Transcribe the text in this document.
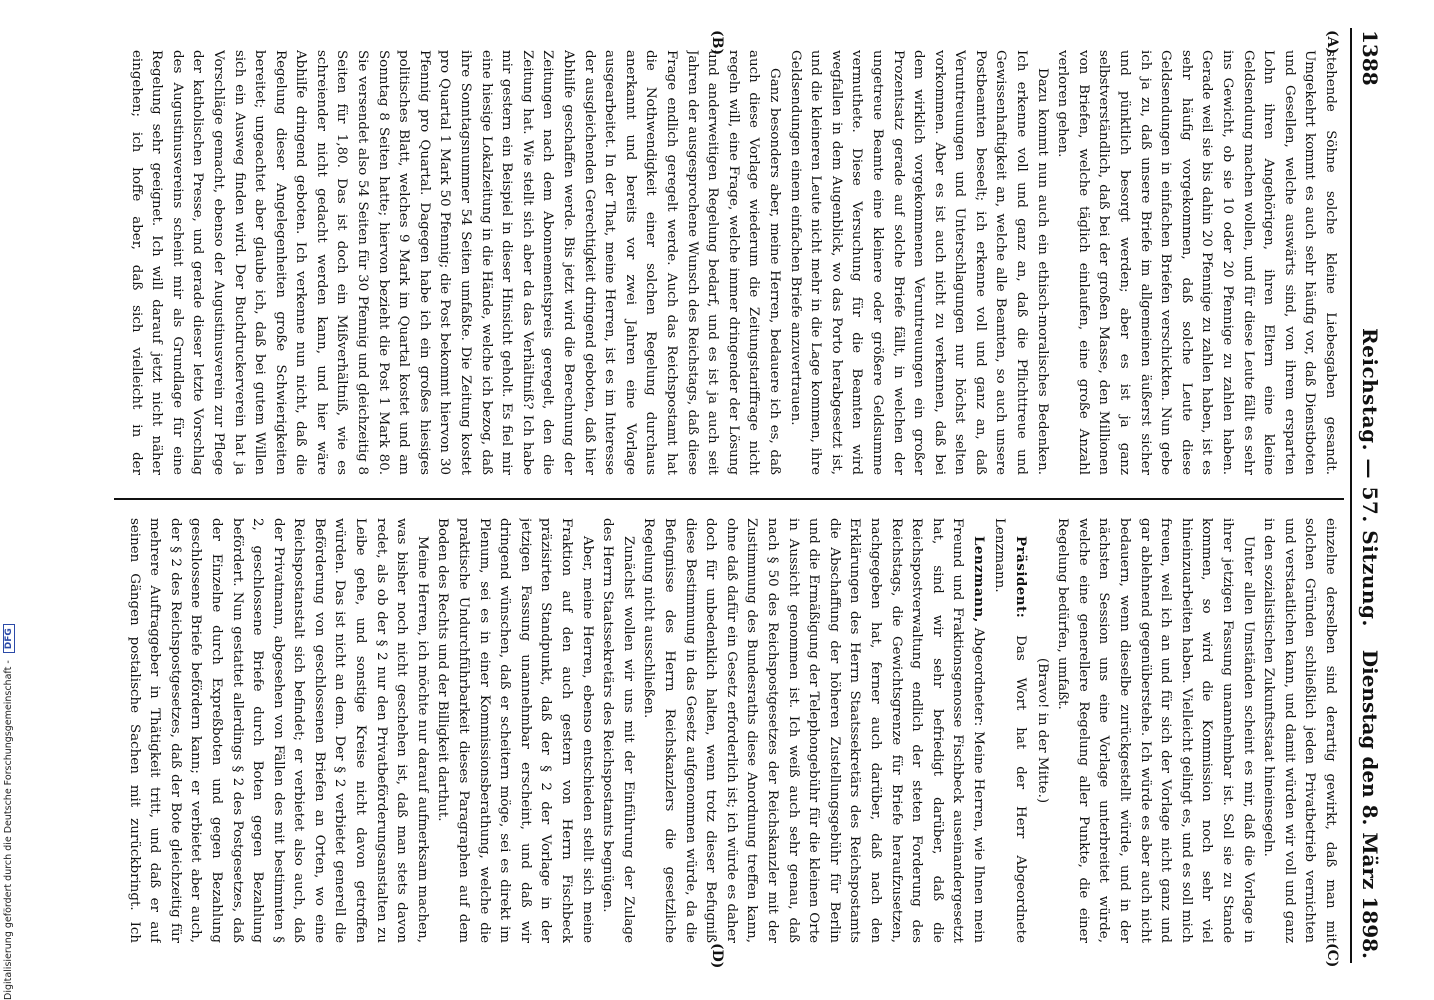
1388
Reichstag. — 57. Sitzung.
Dienstag den 8. März 1898.
(A)
(B)
(C)
(D)

stehende Söhne solche kleine Liebesgaben gesandt. Umgekehrt kommt es auch sehr häufig vor, daß Dienstboten und Gesellen, welche auswärts sind, von ihrem ersparten Lohn ihren Angehörigen, ihren Eltern eine kleine Geldsendung machen wollen, und für diese Leute fällt es sehr ins Gewicht, ob sie 10 oder 20 Pfennige zu zahlen haben. Gerade weil sie bis dahin 20 Pfennige zu zahlen haben, ist es sehr häufig vorgekommen, daß solche Leute diese Geldsendungen in einfachen Briefen verschickten. Nun gebe ich ja zu, daß unsere Briefe im allgemeinen äußerst sicher und pünktlich besorgt werden; aber es ist ja ganz selbstverständlich, daß bei der großen Masse, den Millionen von Briefen, welche täglich einlaufen, eine große Anzahl verloren gehen.

Dazu kommt nun auch ein ethisch-moralisches Bedenken. Ich erkenne voll und ganz an, daß die Pflichttreue und Gewissenhaftigkeit an, welche alle Beamten, so auch unsere Postbeamten beseelt; ich erkenne voll und ganz an, daß Veruntreuungen und Unterschlagungen nur höchst selten vorkommen. Aber es ist auch nicht zu verkennen, daß bei dem wirklich vorgekommenen Veruntreuungen ein großer Prozentsatz gerade auf solche Briefe fällt, in welchen der ungetreue Beamte eine kleinere oder größere Geldsumme vermuthete. Diese Versuchung für die Beamten wird wegfallen in dem Augenblick, wo das Porto herabgesetzt ist, und die kleineren Leute nicht mehr in die Lage kommen, ihre Geldsendungen einem einfachen Briefe anzuvertrauen.

Ganz besonders aber, meine Herren, bedauere ich es, daß auch diese Vorlage wiederum die Zeitungstariffrage nicht regeln will, eine Frage, welche immer dringender der Lösung und anderweitigen Regelung bedarf, und es ist ja auch seit Jahren der ausgesprochene Wunsch des Reichstags, daß diese Frage endlich geregelt werde. Auch das Reichspostamt hat die Nothwendigkeit einer solchen Regelung durchaus anerkannt und bereits vor zwei Jahren eine Vorlage ausgearbeitet. In der That, meine Herren, ist es im Interesse der ausgleichenden Gerechtigkeit dringend geboten, daß hier Abhilfe geschaffen werde. Bis jetzt wird die Berechnung der Zeitungen nach dem Abonnementspreis geregelt, den die Zeitung hat. Wie stellt sich aber da das Verhältniß? Ich habe mir gestern ein Beispiel in dieser Hinsicht geholt. Es fiel mir eine hiesige Lokalzeitung in die Hände, welche ich bezog, daß ihre Sonntagsnummer 54 Seiten umfaßte. Die Zeitung kostet pro Quartal 1 Mark 50 Pfennig; die Post bekommt hiervon 30 Pfennig pro Quartal. Dagegen habe ich ein großes hiesiges politisches Blatt, welches 9 Mark im Quartal kostet und am Sonntag 8 Seiten hatte; hiervon bezieht die Post 1 Mark 80. Sie versendet also 54 Seiten für 30 Pfennig und gleichzeitig 8 Seiten für 1,80. Das ist doch ein Mißverhältniß, wie es schreiender nicht gedacht werden kann, und hier wäre Abhilfe dringend geboten. Ich verkenne nun nicht, daß die Regelung dieser Angelegenheiten große Schwierigkeiten bereitet; ungeachtet aber glaube ich, daß bei gutem Willen sich ein Ausweg finden wird. Der Buchdruckerverein hat ja Vorschläge gemacht, ebenso der Augustinusverein zur Pflege der katholischen Presse, und gerade dieser letzte Vorschlag des Augustinusvereins scheint mir als Grundlage für eine Regelung sehr geeignet. Ich will darauf jetzt nicht näher eingehen; ich hoffe aber, daß sich vielleicht in der

einzelne derselben sind derartig gewirkt, daß man mit solchen Gründen schließlich jeden Privatbetrieb vernichten und verstaatlichen kann, und damit würden wir voll und ganz in den sozialistischen Zukunftsstaat hineinsegeln.

Unter allen Umständen scheint es mir, daß die Vorlage in ihrer jetzigen Fassung unannehmbar ist. Soll sie zu Stande kommen, so wird die Kommission noch sehr viel hineinzuarbeiten haben. Vielleicht gelingt es, und es soll mich freuen, weil ich an und für sich der Vorlage nicht ganz und gar ablehnend gegenüberstehe. Ich würde es aber auch nicht bedauern, wenn dieselbe zurückgestellt würde, und in der nächsten Session uns eine Vorlage unterbreitet würde, welche eine generellere Regelung aller Punkte, die einer Regelung bedürfen, umfaßt.

(Bravo! in der Mitte.)

Präsident: Das Wort hat der Herr Abgeordnete Lenzmann.

Lenzmann, Abgeordneter: Meine Herren, wie Ihnen mein Freund und Fraktionsgenosse Fischbeck auseinandergesetzt hat, sind wir sehr befriedigt darüber, daß die Reichspostverwaltung endlich der steten Forderung des Reichstags, die Gewichtsgrenze für Briefe heraufzusetzen, nachgegeben hat, ferner auch darüber, daß nach den Erklärungen des Herrn Staatssekretärs des Reichspostamts die Abschaffung der höheren Zustellungsgebühr für Berlin und die Ermäßigung der Telephongebühr für die kleinen Orte in Aussicht genommen ist. Ich weiß auch sehr genau, daß nach § 50 des Reichspostgesetzes der Reichskanzler mit der Zustimmung des Bundesraths diese Anordnung treffen kann, ohne daß dafür ein Gesetz erforderlich ist; ich würde es daher doch für unbedenklich halten, wenn trotz dieser Befugniß diese Bestimmung in das Gesetz aufgenommen würde, da die Befugnisse des Herrn Reichskanzlers die gesetzliche Regelung nicht ausschließen.

Zunächst wollen wir uns mit der Einführung der Zulage des Herrn Staatssekretärs des Reichspostamts begnügen.

Aber, meine Herren, ebenso entschieden stellt sich meine Fraktion auf den auch gestern von Herrn Fischbeck präzisirten Standpunkt, daß der § 2 der Vorlage in der jetzigen Fassung unannehmbar erscheint, und daß wir dringend wünschen, daß er scheitern möge, sei es direkt im Plenum, sei es in einer Kommissionsberathung, welche die praktische Undurchführbarkeit dieses Paragraphen auf dem Boden des Rechts und der Billigkeit darthut.

Meine Herren, ich möchte nur darauf aufmerksam machen, was bisher noch nicht geschehen ist, daß man stets davon redet, als ob der § 2 nur den Privatbeförderungsanstalten zu Leibe gehe, und sonstige Kreise nicht davon getroffen würden. Das ist nicht an dem. Der § 2 verbietet generell die Beförderung von geschlossenen Briefen an Orten, wo eine Reichspostanstalt sich befindet; er verbietet also auch, daß der Privatmann, abgesehen von Fällen des mit bestimmten § 2, geschlossene Briefe durch Boten gegen Bezahlung befördert. Nun gestattet allerdings § 2 des Postgesetzes, daß der Einzelne durch Expreßboten und gegen Bezahlung geschlossene Briefe befördern kann; er verbietet aber auch, der § 2 des Reichspostgesetzes, daß der Bote gleichzeitig für mehrere Auftraggeber in Thätigkeit tritt, und daß er auf seinen Gängen postalische Sachen mit zurückbringt. Ich

Digitalisierung gefördert durch die Deutsche Forschungsgemeinschaft - DFG
